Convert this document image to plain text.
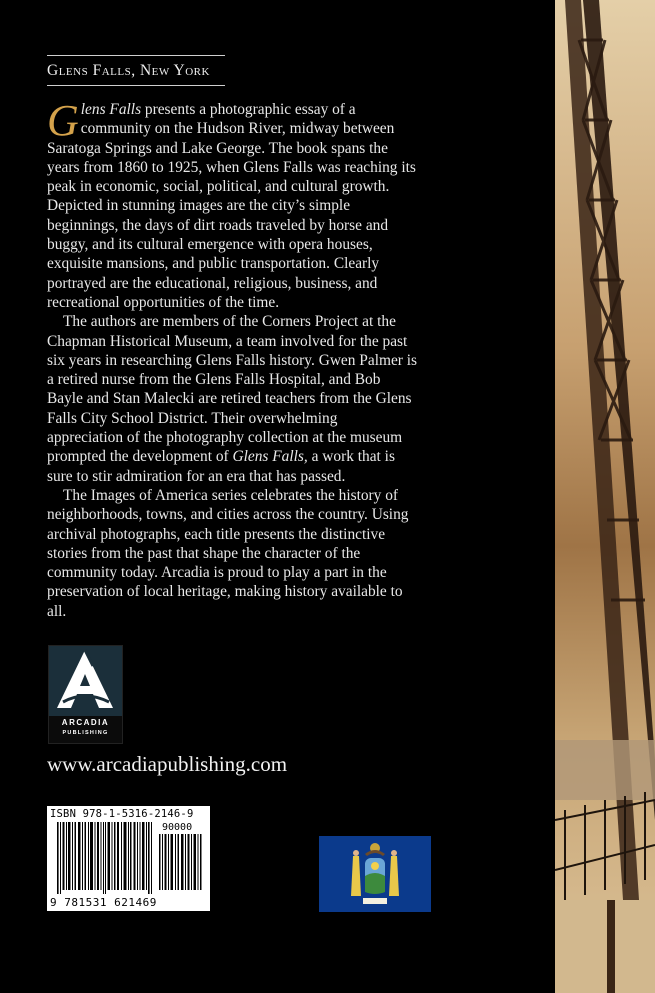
Glens Falls, New York

Glens Falls presents a photographic essay of a community on the Hudson River, midway between Saratoga Springs and Lake George. The book spans the years from 1860 to 1925, when Glens Falls was reaching its peak in economic, social, political, and cultural growth. Depicted in stunning images are the city’s simple beginnings, the days of dirt roads traveled by horse and buggy, and its cultural emergence with opera houses, exquisite mansions, and public transportation. Clearly portrayed are the educational, religious, business, and recreational opportunities of the time.

The authors are members of the Corners Project at the Chapman Historical Museum, a team involved for the past six years in researching Glens Falls history. Gwen Palmer is a retired nurse from the Glens Falls Hospital, and Bob Bayle and Stan Malecki are retired teachers from the Glens Falls City School District. Their overwhelming appreciation of the photography collection at the museum prompted the development of Glens Falls, a work that is sure to stir admiration for an era that has passed.

The Images of America series celebrates the history of neighborhoods, towns, and cities across the country. Using archival photographs, each title presents the distinctive stories from the past that shape the character of the community today. Arcadia is proud to play a part in the preservation of local heritage, making history available to all.

ARCADIA
PUBLISHING
www.arcadiapublishing.com
ISBN 978-1-5316-2146-9
90000
9 781531 621469
